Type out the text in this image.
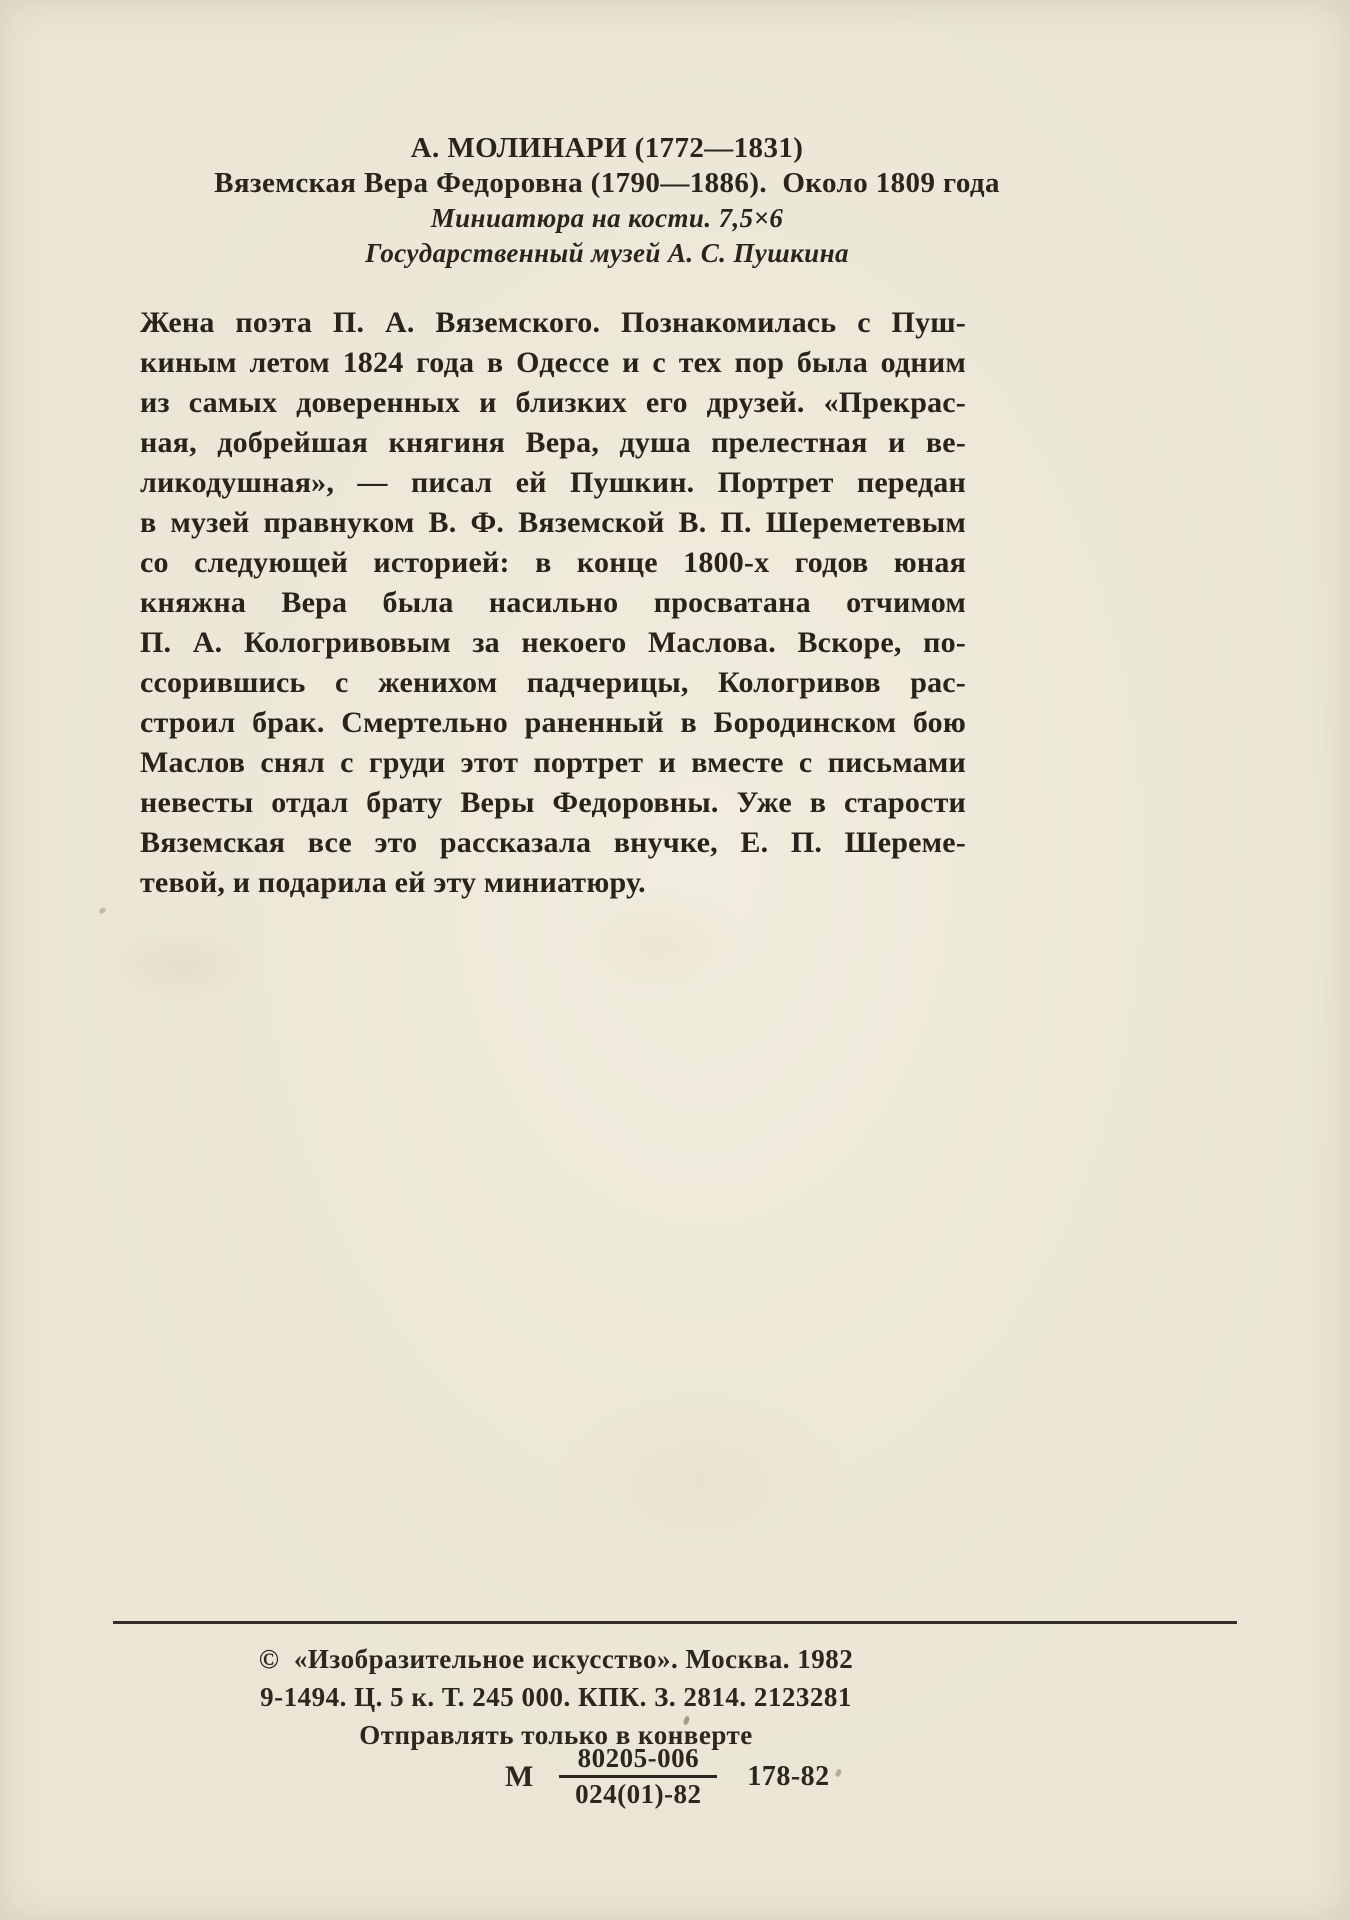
А. МОЛИНАРИ (1772—1831)
Вяземская Вера Федоровна (1790—1886).  Около 1809 года
Миниатюра на кости. 7,5×6
Государственный музей А. С. Пушкина
Жена поэта П. А. Вяземского. Познакомилась с Пуш-
киным летом 1824 года в Одессе и с тех пор была одним
из самых доверенных и близких его друзей. «Прекрас-
ная, добрейшая княгиня Вера, душа прелестная и ве-
ликодушная», — писал ей Пушкин. Портрет передан
в музей правнуком В. Ф. Вяземской В. П. Шереметевым
со следующей историей: в конце 1800-х годов юная
княжна Вера была насильно просватана отчимом
П. А. Кологривовым за некоего Маслова. Вскоре, по-
ссорившись с женихом падчерицы, Кологривов рас-
строил брак. Смертельно раненный в Бородинском бою
Маслов снял с груди этот портрет и вместе с письмами
невесты отдал брату Веры Федоровны. Уже в старости
Вяземская все это рассказала внучке, Е. П. Шереме-
тевой, и подарила ей эту миниатюру.
©  «Изобразительное искусство». Москва. 1982
9-1494. Ц. 5 к. Т. 245 000. КПК. З. 2814. 2123281
Отправлять только в конверте
М $\frac{80205-006}{024(01)-82} 178-82$
